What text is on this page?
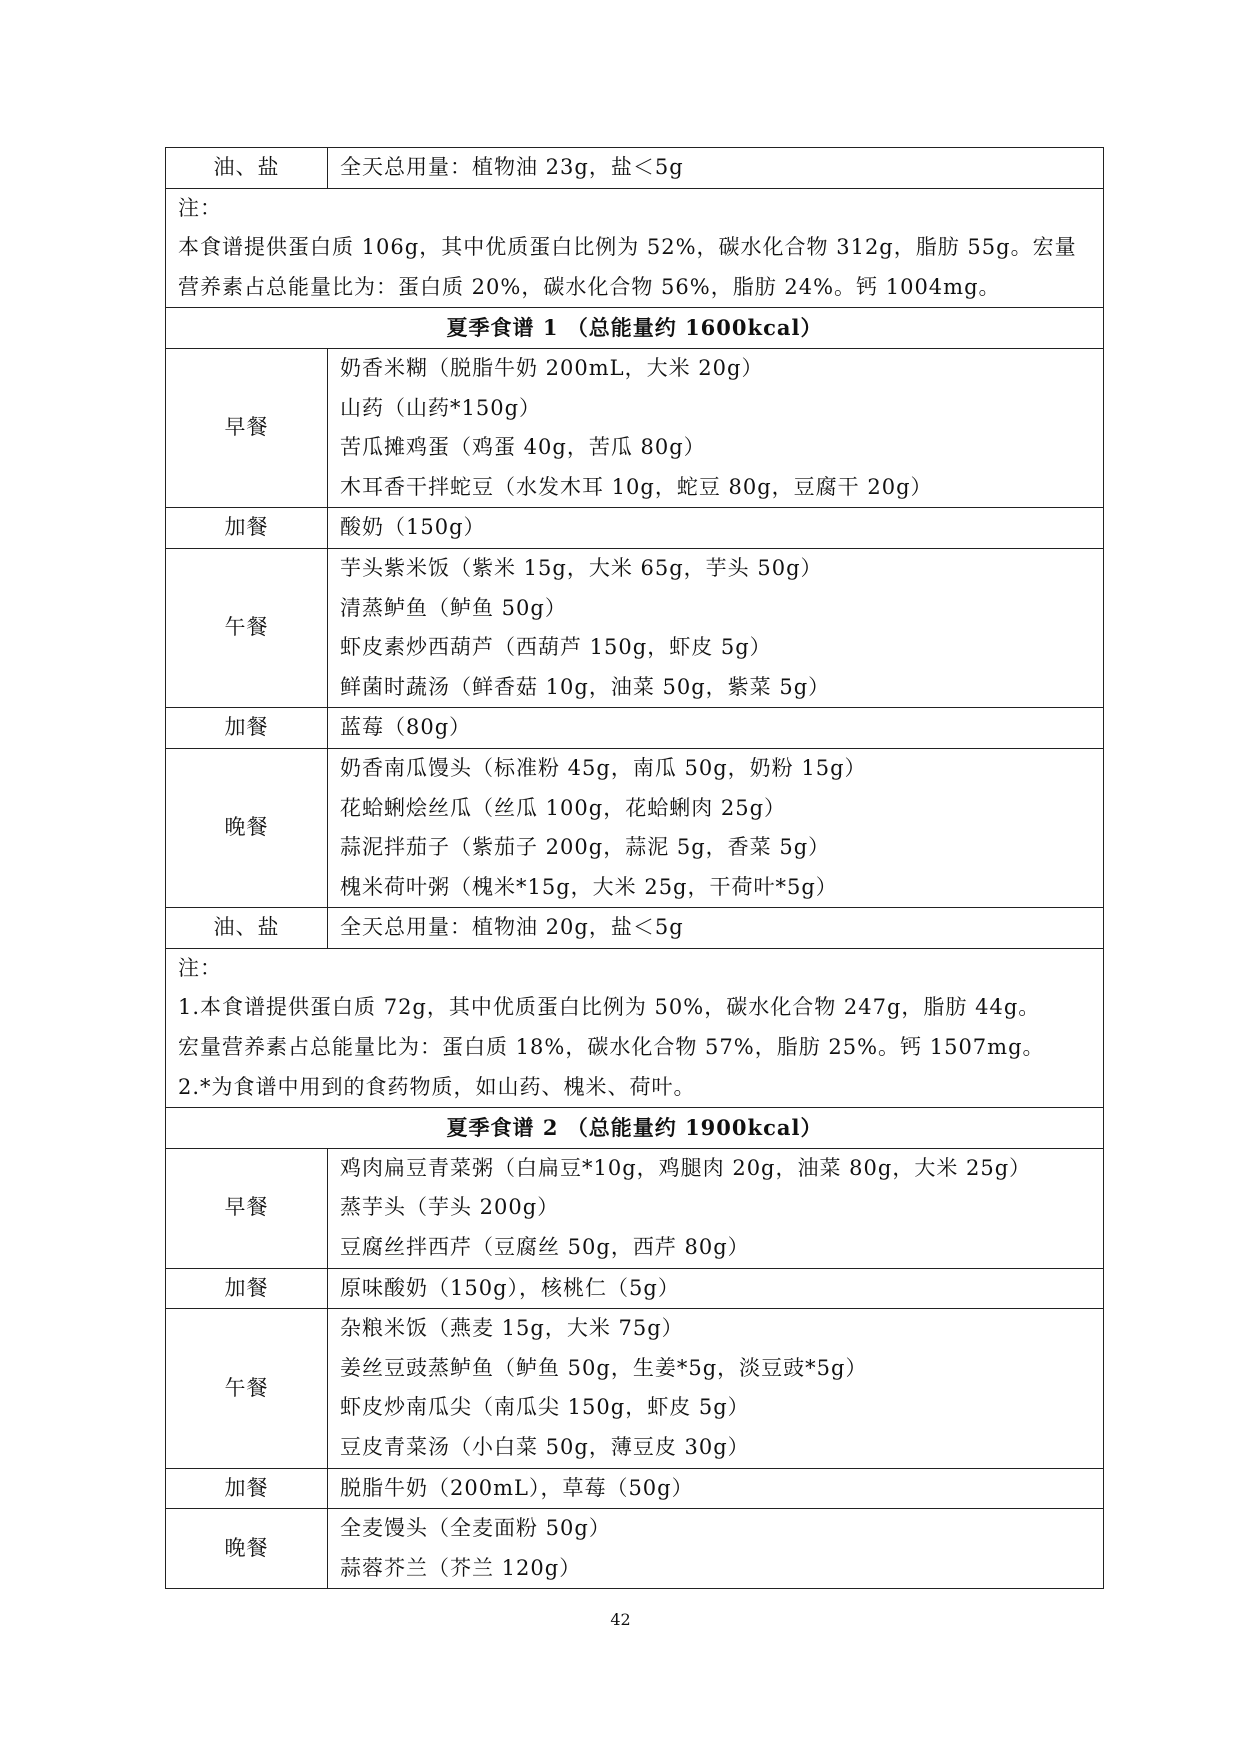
油、盐	全天总用量：植物油 23g，盐＜5g

注：
本食谱提供蛋白质 106g，其中优质蛋白比例为 52%，碳水化合物 312g，脂肪 55g。宏量营养素占总能量比为：蛋白质 20%，碳水化合物 56%，脂肪 24%。钙 1004mg。	

夏季食谱 1 （总能量约 1600kcal）	
早餐	奶香米糊（脱脂牛奶 200mL，大米 20g）
山药（山药*150g）
苦瓜摊鸡蛋（鸡蛋 40g，苦瓜 80g）
木耳香干拌蛇豆（水发木耳 10g，蛇豆 80g，豆腐干 20g）

加餐	酸奶（150g）

午餐	芋头紫米饭（紫米 15g，大米 65g，芋头 50g）
清蒸鲈鱼（鲈鱼 50g）
虾皮素炒西葫芦（西葫芦 150g，虾皮 5g）
鲜菌时蔬汤（鲜香菇 10g，油菜 50g，紫菜 5g）

加餐	蓝莓（80g）

晚餐	奶香南瓜馒头（标准粉 45g，南瓜 50g，奶粉 15g）
花蛤蜊烩丝瓜（丝瓜 100g，花蛤蜊肉 25g）
蒜泥拌茄子（紫茄子 200g，蒜泥 5g，香菜 5g）
槐米荷叶粥（槐米*15g，大米 25g，干荷叶*5g）

油、盐	全天总用量：植物油 20g，盐＜5g

注：
1.本食谱提供蛋白质 72g，其中优质蛋白比例为 50%，碳水化合物 247g，脂肪 44g。
宏量营养素占总能量比为：蛋白质 18%，碳水化合物 57%，脂肪 25%。钙 1507mg。
2.*为食谱中用到的食药物质，如山药、槐米、荷叶。	

夏季食谱 2 （总能量约 1900kcal）	
早餐	鸡肉扁豆青菜粥（白扁豆*10g，鸡腿肉 20g，油菜 80g，大米 25g）
蒸芋头（芋头 200g）
豆腐丝拌西芹（豆腐丝 50g，西芹 80g）

加餐	原味酸奶（150g），核桃仁（5g）

午餐	杂粮米饭（燕麦 15g，大米 75g）
姜丝豆豉蒸鲈鱼（鲈鱼 50g，生姜*5g，淡豆豉*5g）
虾皮炒南瓜尖（南瓜尖 150g，虾皮 5g）
豆皮青菜汤（小白菜 50g，薄豆皮 30g）

加餐	脱脂牛奶（200mL），草莓（50g）

晚餐	全麦馒头（全麦面粉 50g）
蒜蓉芥兰（芥兰 120g）
42
